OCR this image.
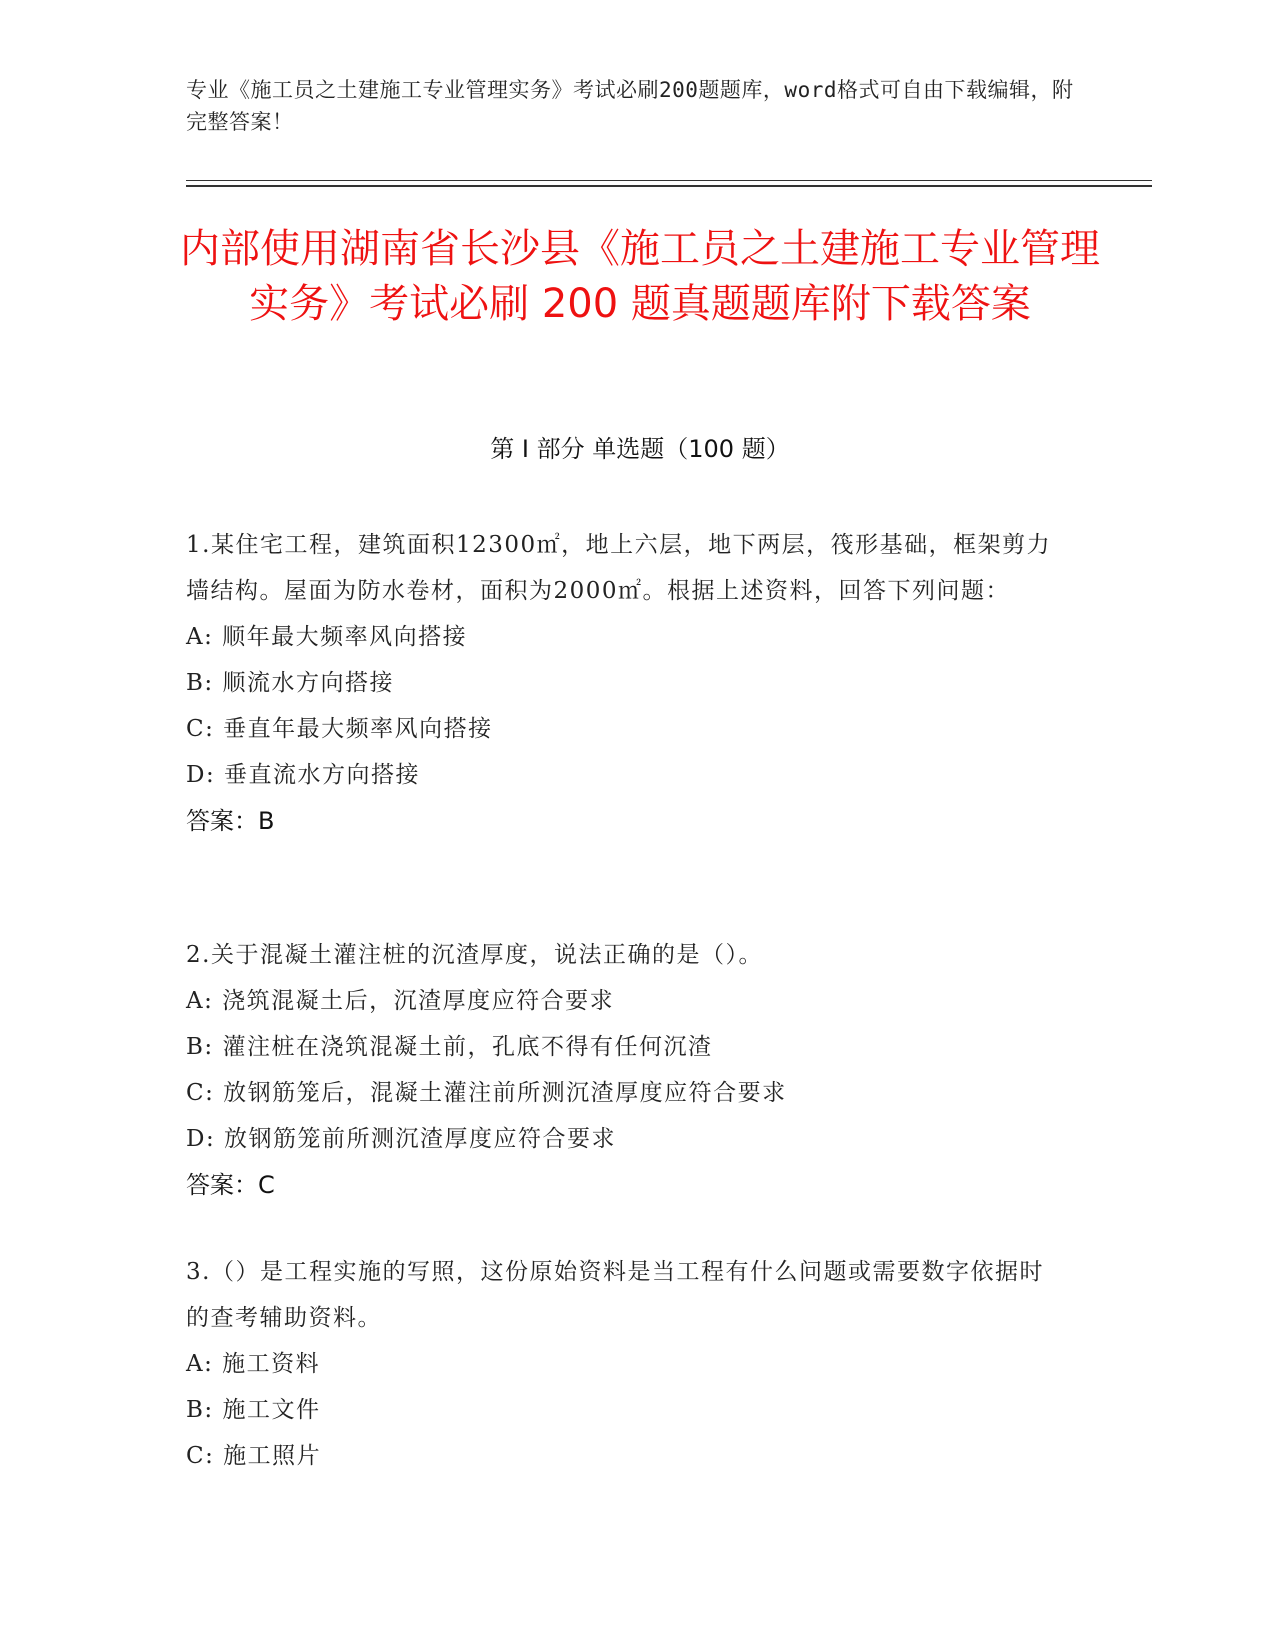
专业《施工员之土建施工专业管理实务》考试必刷200题题库，word格式可自由下载编辑，附完整答案！
内部使用湖南省长沙县《施工员之土建施工专业管理实务》考试必刷 200 题真题题库附下载答案
第 I 部分 单选题（100 题）

1.某住宅工程，建筑面积12300㎡，地上六层，地下两层，筏形基础，框架剪力墙结构。屋面为防水卷材，面积为2000㎡。根据上述资料，回答下列问题：

A: 顺年最大频率风向搭接

B: 顺流水方向搭接

C: 垂直年最大频率风向搭接

D: 垂直流水方向搭接

答案：B

2.关于混凝土灌注桩的沉渣厚度，说法正确的是（）。

A: 浇筑混凝土后，沉渣厚度应符合要求

B: 灌注桩在浇筑混凝土前，孔底不得有任何沉渣

C: 放钢筋笼后，混凝土灌注前所测沉渣厚度应符合要求

D: 放钢筋笼前所测沉渣厚度应符合要求

答案：C

3.（）是工程实施的写照，这份原始资料是当工程有什么问题或需要数字依据时的查考辅助资料。

A: 施工资料

B: 施工文件

C: 施工照片
